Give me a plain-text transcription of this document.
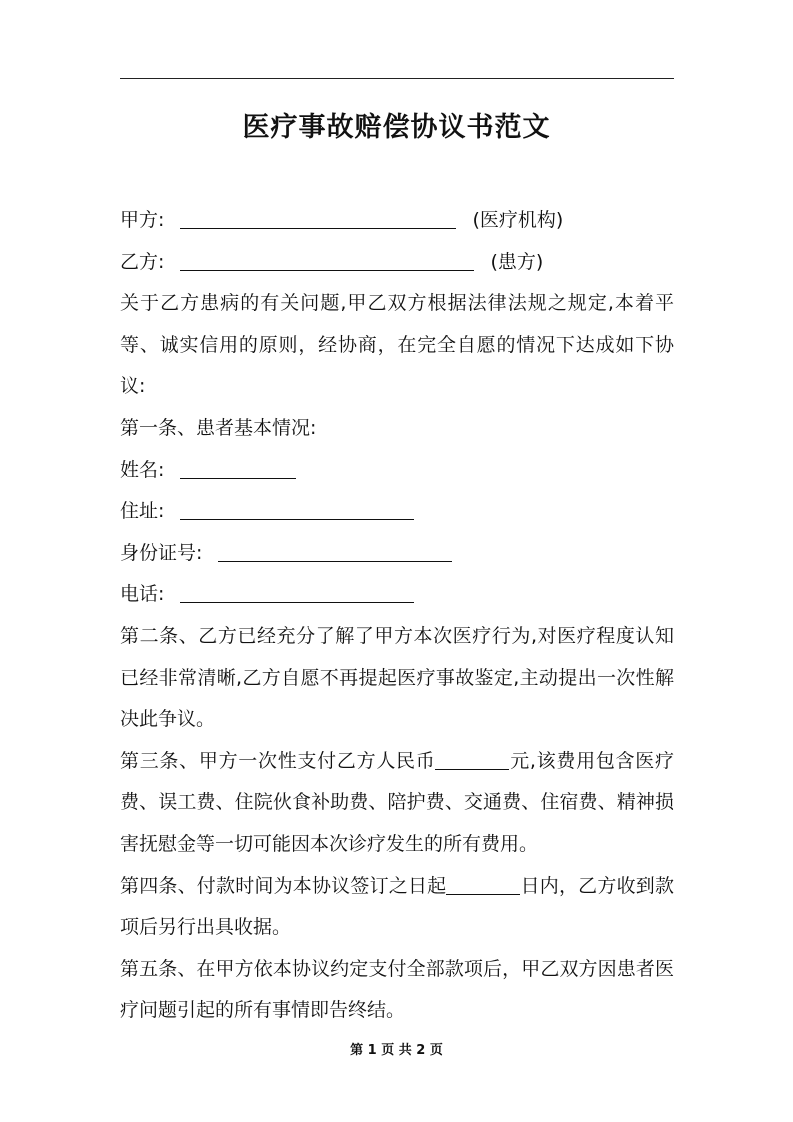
医疗事故赔偿协议书范文
甲方:	(医疗机构)
乙方:	(患方)
关于乙方患病的有关问题,甲乙双方根据法律法规之规定,本着平等、诚实信用的原则，经协商，在完全自愿的情况下达成如下协议:
第一条、患者基本情况:
姓名:
住址:
身份证号:
电话:
第二条、乙方已经充分了解了甲方本次医疗行为,对医疗程度认知已经非常清晰,乙方自愿不再提起医疗事故鉴定,主动提出一次性解决此争议。
第三条、甲方一次性支付乙方人民币	元,该费用包含医疗费、误工费、住院伙食补助费、陪护费、交通费、住宿费、精神损害抚慰金等一切可能因本次诊疗发生的所有费用。
第四条、付款时间为本协议签订之日起	日内，乙方收到款项后另行出具收据。
第五条、在甲方依本协议约定支付全部款项后，甲乙双方因患者医疗问题引起的所有事情即告终结。
第 1 页 共 2 页
